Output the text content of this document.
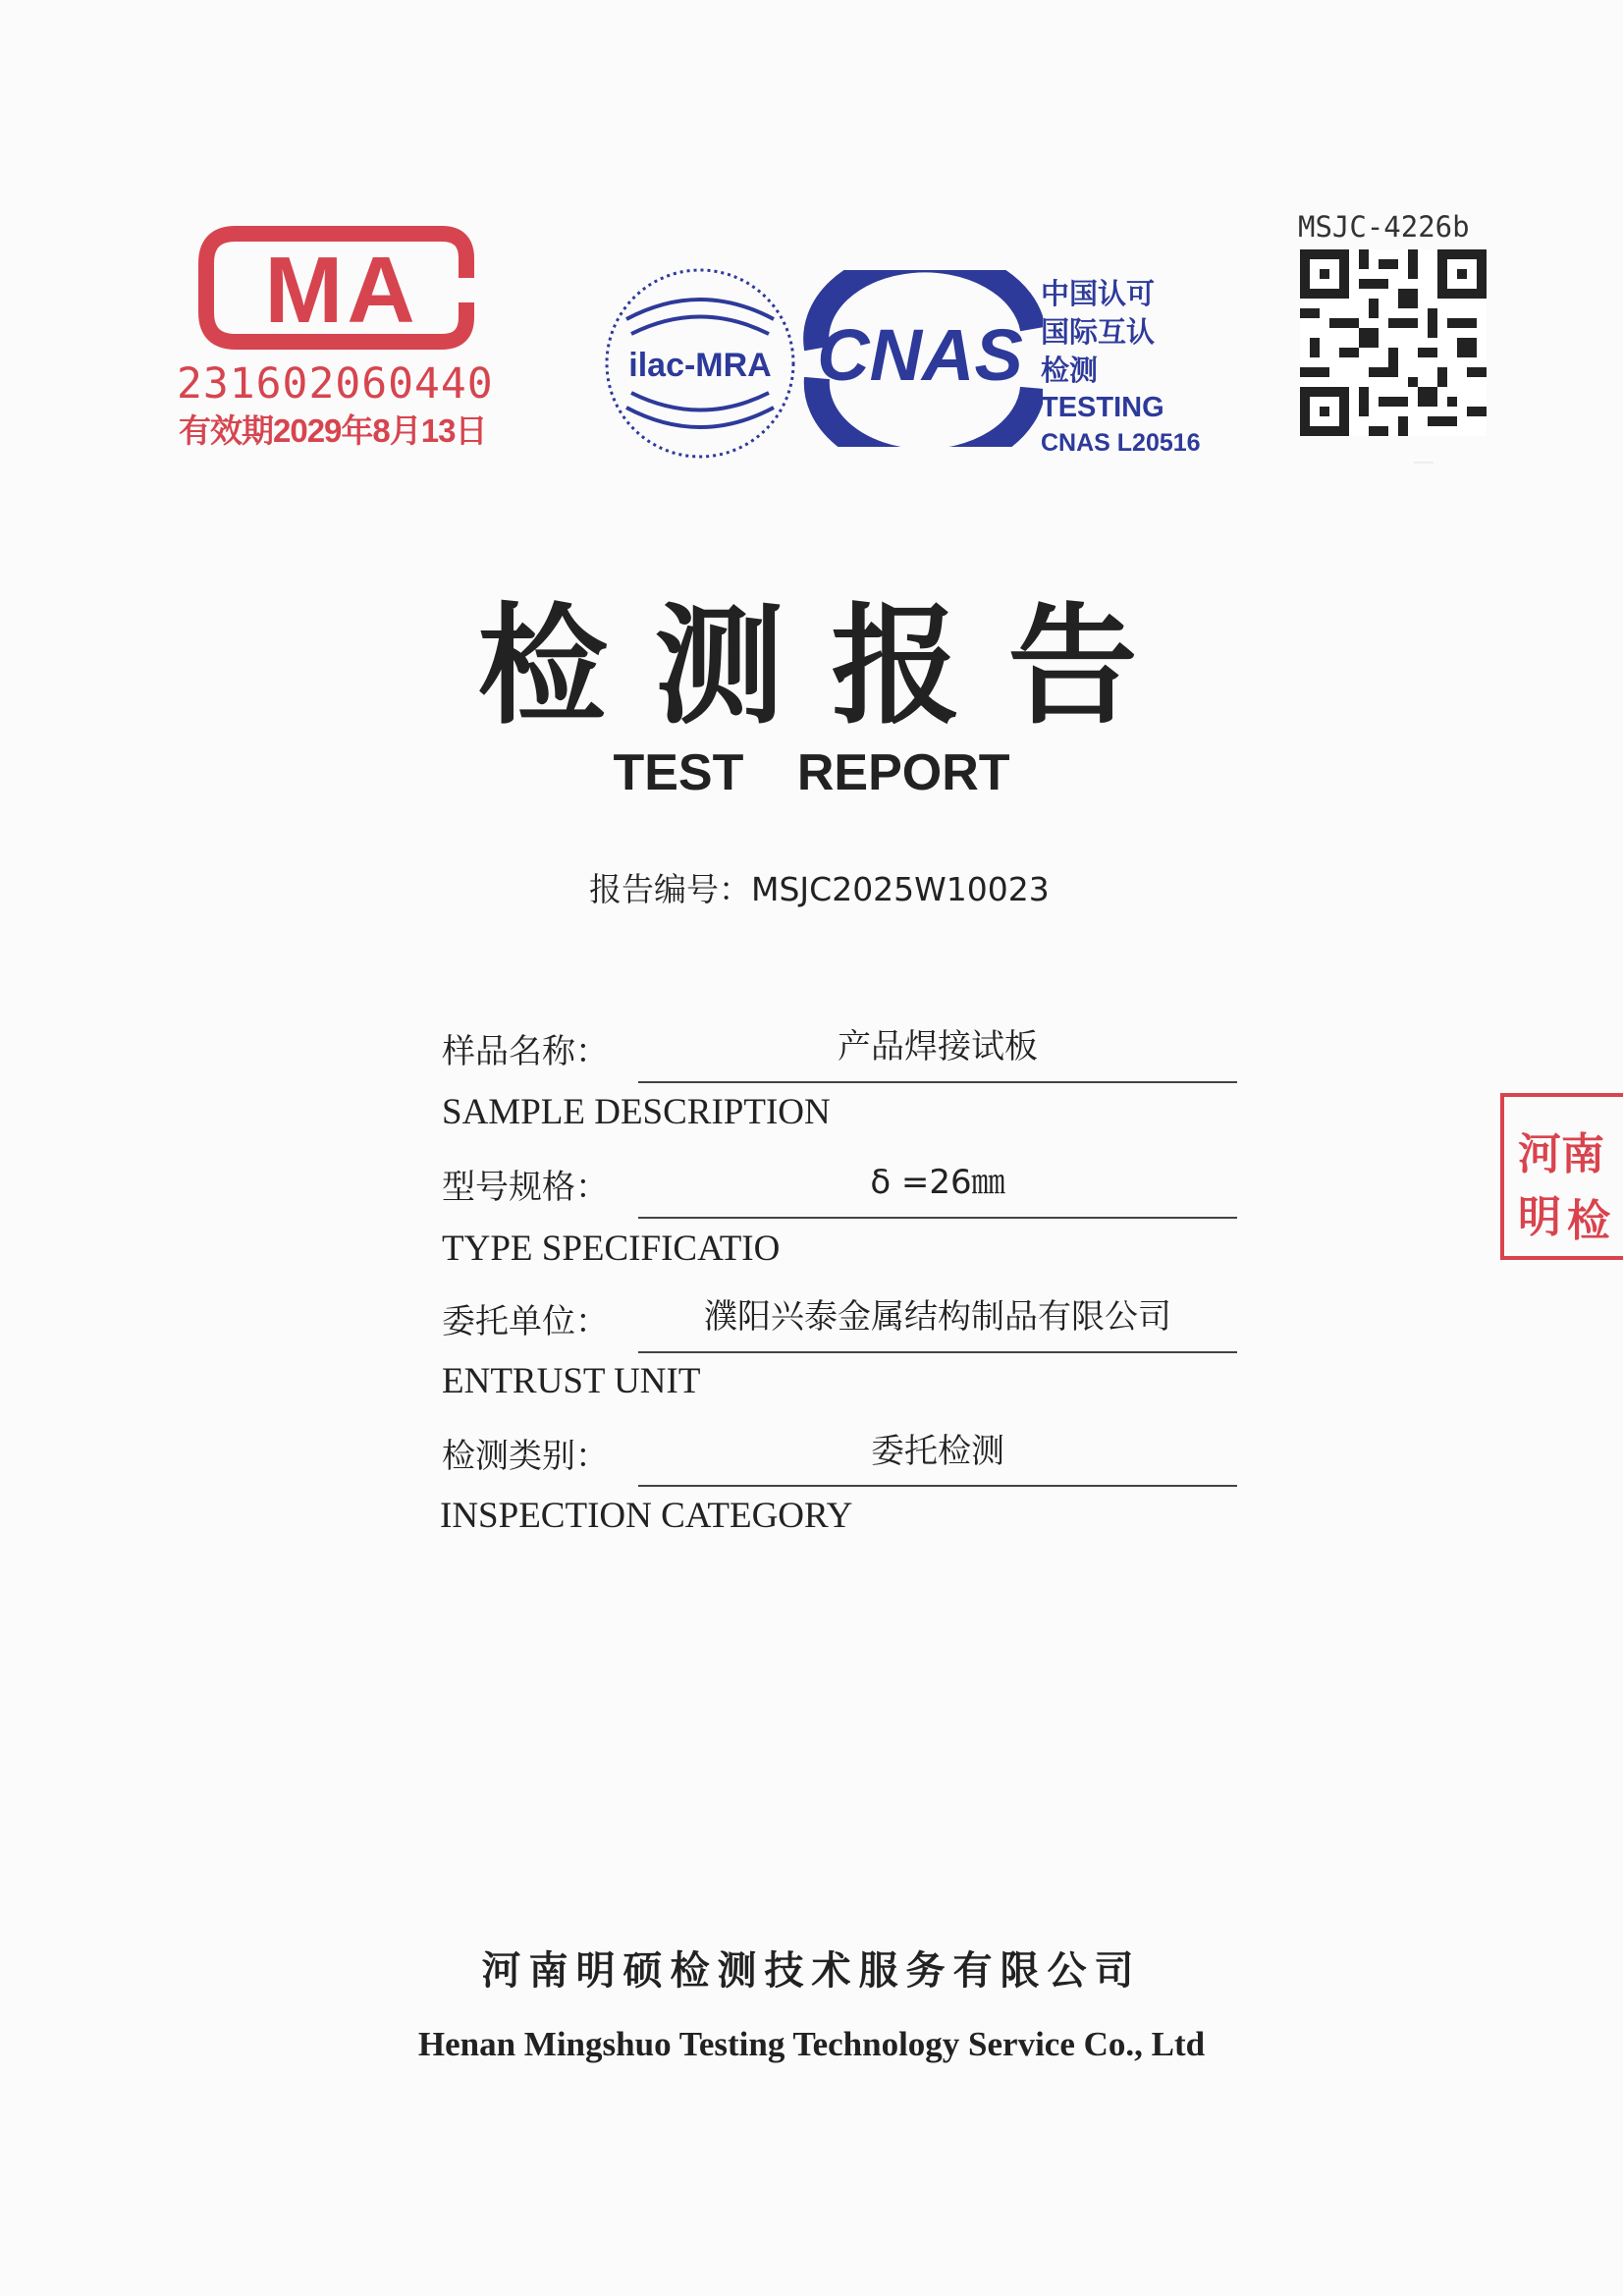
MA
231602060440
有效期2029年8月13日
ilac-MRA CNAS
中国认可
国际互认
检测
TESTING
CNAS L20516
MSJC-4226b
检测报告
TEST REPORT
报告编号：MSJC2025W10023
样品名称：	产品焊接试板
SAMPLE DESCRIPTION
型号规格：	δ =26㎜
TYPE SPECIFICATIO
委托单位：	濮阳兴泰金属结构制品有限公司
ENTRUST UNIT
检测类别：	委托检测
INSPECTION CATEGORY
河南明硕检测技术服务有限公司
Henan Mingshuo Testing Technology Service Co., Ltd
河南明 检
